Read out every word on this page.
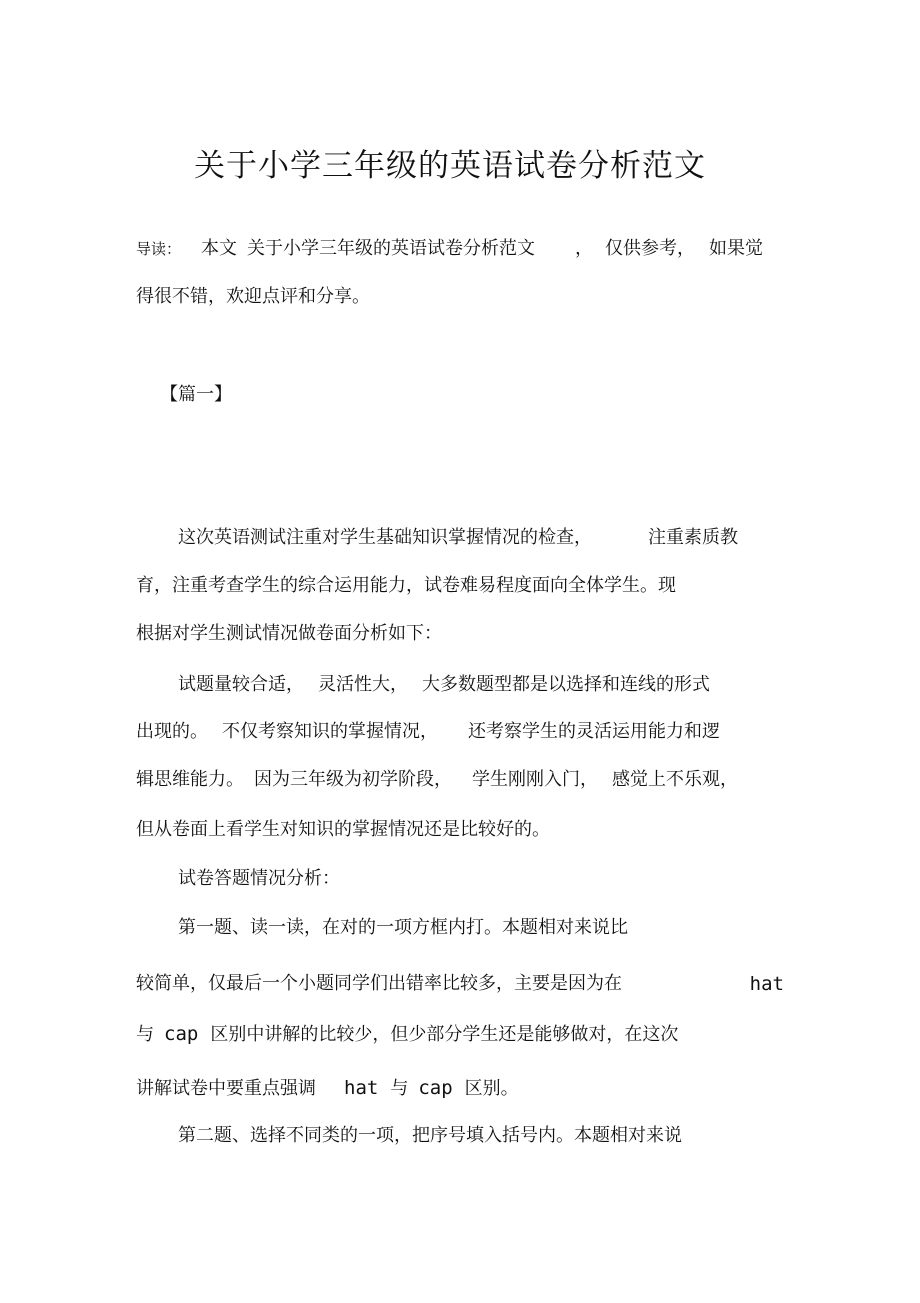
关于小学三年级的英语试卷分析范文
导读： 本文 关于小学三年级的英语试卷分析范文 ， 仅供参考， 如果觉
得很不错，欢迎点评和分享。
【篇一】
这次英语测试注重对学生基础知识掌握情况的检查，	注重素质教
育，注重考查学生的综合运用能力，试卷难易程度面向全体学生。现
根据对学生测试情况做卷面分析如下：
试题量较合适， 灵活性大， 大多数题型都是以选择和连线的形式
出现的。 不仅考察知识的掌握情况， 还考察学生的灵活运用能力和逻
辑思维能力。 因为三年级为初学阶段， 学生刚刚入门， 感觉上不乐观，
但从卷面上看学生对知识的掌握情况还是比较好的。
试卷答题情况分析：
第一题、读一读，在对的一项方框内打。本题相对来说比
较简单，仅最后一个小题同学们出错率比较多，主要是因为在	hat
与 cap 区别中讲解的比较少，但少部分学生还是能够做对，在这次
讲解试卷中要重点强调 hat 与 cap 区别。
第二题、选择不同类的一项，把序号填入括号内。本题相对来说
